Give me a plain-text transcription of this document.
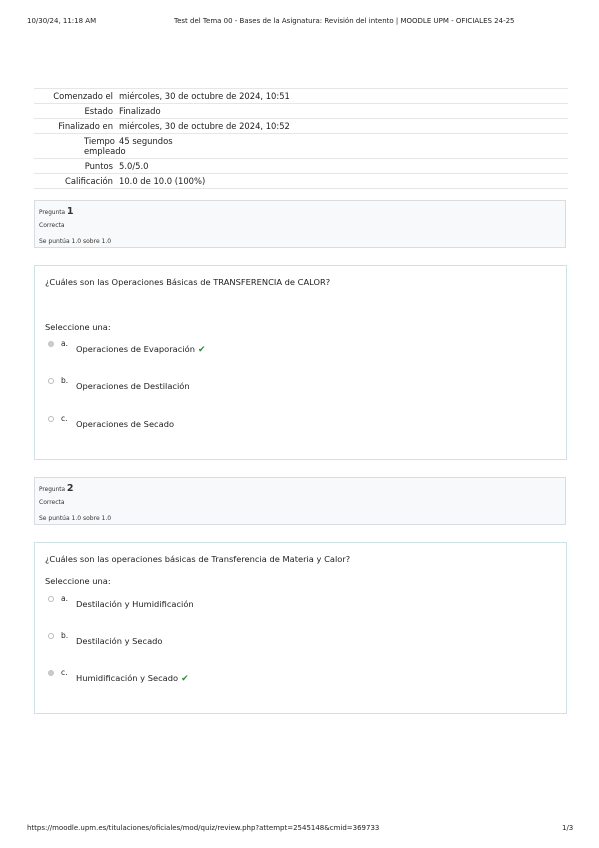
10/30/24, 11:18 AM	Test del Tema 00 - Bases de la Asignatura: Revisión del intento | MOODLE UPM - OFICIALES 24-25
Comenzado el miércoles, 30 de octubre de 2024, 10:51
Estado Finalizado
Finalizado en miércoles, 30 de octubre de 2024, 10:52
Tiempo empleado
45 segundos
Puntos 5.0/5.0
Calificación 10.0 de 10.0 (100%)
Pregunta 1
Correcta
Se puntúa 1.0 sobre 1.0
¿Cuáles son las Operaciones Básicas de TRANSFERENCIA de CALOR?
Seleccione una:
a.
Operaciones de Evaporación ✔
b.
Operaciones de Destilación
c.
Operaciones de Secado
Pregunta 2
Correcta
Se puntúa 1.0 sobre 1.0
¿Cuáles son las operaciones básicas de Transferencia de Materia y Calor?
Seleccione una:
a.
Destilación y Humidificación
b.
Destilación y Secado
c.
Humidificación y Secado ✔
https://moodle.upm.es/titulaciones/oficiales/mod/quiz/review.php?attempt=2545148&cmid=369733	1/3
